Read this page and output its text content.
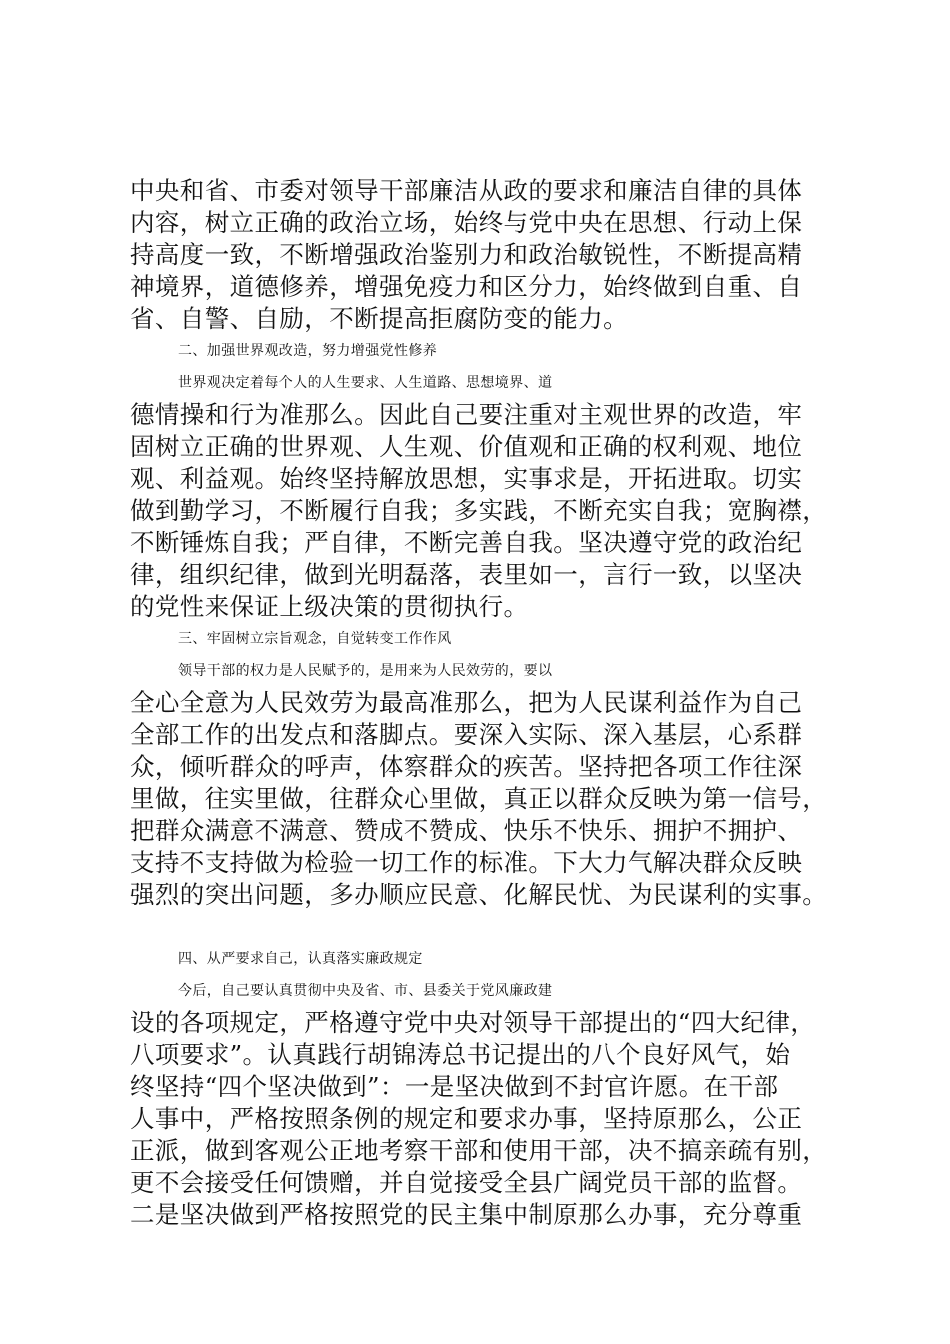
中央和省、市委对领导干部廉洁从政的要求和廉洁自律的具体

内容，树立正确的政治立场，始终与党中央在思想、行动上保

持高度一致，不断增强政治鉴别力和政治敏锐性，不断提高精

神境界，道德修养，增强免疫力和区分力，始终做到自重、自

省、自警、自励，不断提高拒腐防变的能力。

二、加强世界观改造，努力增强党性修养

世界观决定着每个人的人生要求、人生道路、思想境界、道

德情操和行为准那么。因此自己要注重对主观世界的改造，牢

固树立正确的世界观、人生观、价值观和正确的权利观、地位

观、利益观。始终坚持解放思想，实事求是，开拓进取。切实

做到勤学习，不断履行自我；多实践，不断充实自我；宽胸襟，

不断锤炼自我；严自律，不断完善自我。坚决遵守党的政治纪

律，组织纪律，做到光明磊落，表里如一，言行一致，以坚决

的党性来保证上级决策的贯彻执行。

三、牢固树立宗旨观念，自觉转变工作作风

领导干部的权力是人民赋予的，是用来为人民效劳的，要以

全心全意为人民效劳为最高准那么，把为人民谋利益作为自己

全部工作的出发点和落脚点。要深入实际、深入基层，心系群

众，倾听群众的呼声，体察群众的疾苦。坚持把各项工作往深

里做，往实里做，往群众心里做，真正以群众反映为第一信号，

把群众满意不满意、赞成不赞成、快乐不快乐、拥护不拥护、

支持不支持做为检验一切工作的标准。下大力气解决群众反映

强烈的突出问题，多办顺应民意、化解民忧、为民谋利的实事。

四、从严要求自己，认真落实廉政规定

今后，自己要认真贯彻中央及省、市、县委关于党风廉政建

设的各项规定，严格遵守党中央对领导干部提出的“四大纪律，

八项要求”。认真践行胡锦涛总书记提出的八个良好风气，始

终坚持“四个坚决做到”：一是坚决做到不封官许愿。在干部

人事中，严格按照条例的规定和要求办事，坚持原那么，公正

正派，做到客观公正地考察干部和使用干部，决不搞亲疏有别，

更不会接受任何馈赠，并自觉接受全县广阔党员干部的监督。

二是坚决做到严格按照党的民主集中制原那么办事，充分尊重
